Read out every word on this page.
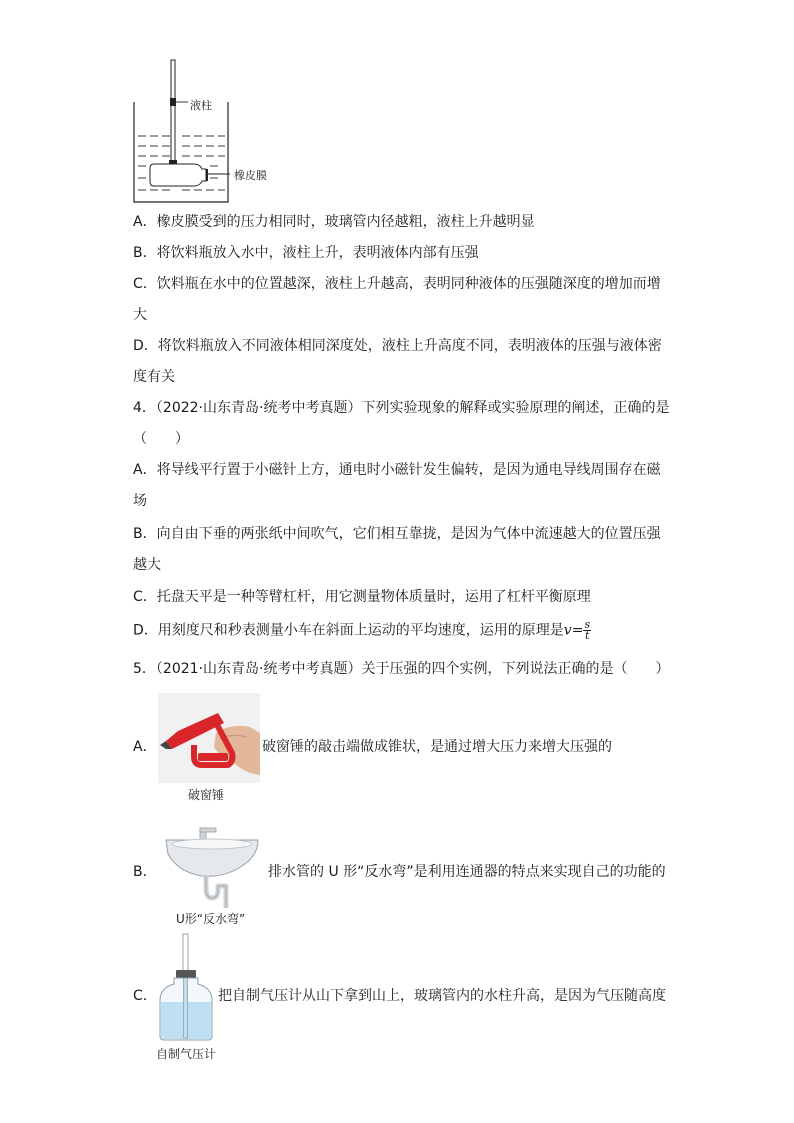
液柱
橡皮膜
A．橡皮膜受到的压力相同时，玻璃管内径越粗，液柱上升越明显
B．将饮料瓶放入水中，液柱上升，表明液体内部有压强
C．饮料瓶在水中的位置越深，液柱上升越高，表明同种液体的压强随深度的增加而增
大
D．将饮料瓶放入不同液体相同深度处，液柱上升高度不同，表明液体的压强与液体密
度有关
4．（2022·山东青岛·统考中考真题）下列实验现象的解释或实验原理的阐述，正确的是
（　　）
A．将导线平行置于小磁针上方，通电时小磁针发生偏转，是因为通电导线周围存在磁
场
B．向自由下垂的两张纸中间吹气，它们相互靠拢，是因为气体中流速越大的位置压强
越大
C．托盘天平是一种等臂杠杆，用它测量物体质量时，运用了杠杆平衡原理
D．用刻度尺和秒表测量小车在斜面上运动的平均速度，运用的原理是$v= \frac{s}{t}$
5．（2021·山东青岛·统考中考真题）关于压强的四个实例，下列说法正确的是（　　）
A．
破窗锤
破窗锤的敲击端做成锥状，是通过增大压力来增大压强的
B．
U形“反水弯”
排水管的 U 形“反水弯”是利用连通器的特点来实现自己的功能的
C．
自制气压计
把自制气压计从山下拿到山上，玻璃管内的水柱升高，是因为气压随高度
